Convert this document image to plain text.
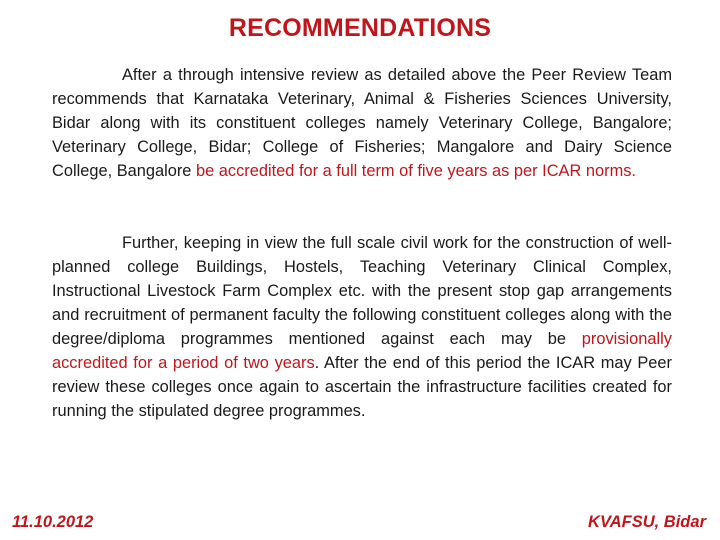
RECOMMENDATIONS

After a through intensive review as detailed above the Peer Review Team recommends that Karnataka Veterinary, Animal & Fisheries Sciences University, Bidar along with its constituent colleges namely Veterinary College, Bangalore; Veterinary College, Bidar; College of Fisheries; Mangalore and Dairy Science College, Bangalore be accredited for a full term of five years as per ICAR norms.

Further, keeping in view the full scale civil work for the construction of well-planned college Buildings, Hostels, Teaching Veterinary Clinical Complex, Instructional Livestock Farm Complex etc. with the present stop gap arrangements and recruitment of permanent faculty the following constituent colleges along with the degree/diploma programmes mentioned against each may be provisionally accredited for a period of two years. After the end of this period the ICAR may Peer review these colleges once again to ascertain the infrastructure facilities created for running the stipulated degree programmes.

11.10.2012	KVAFSU, Bidar
